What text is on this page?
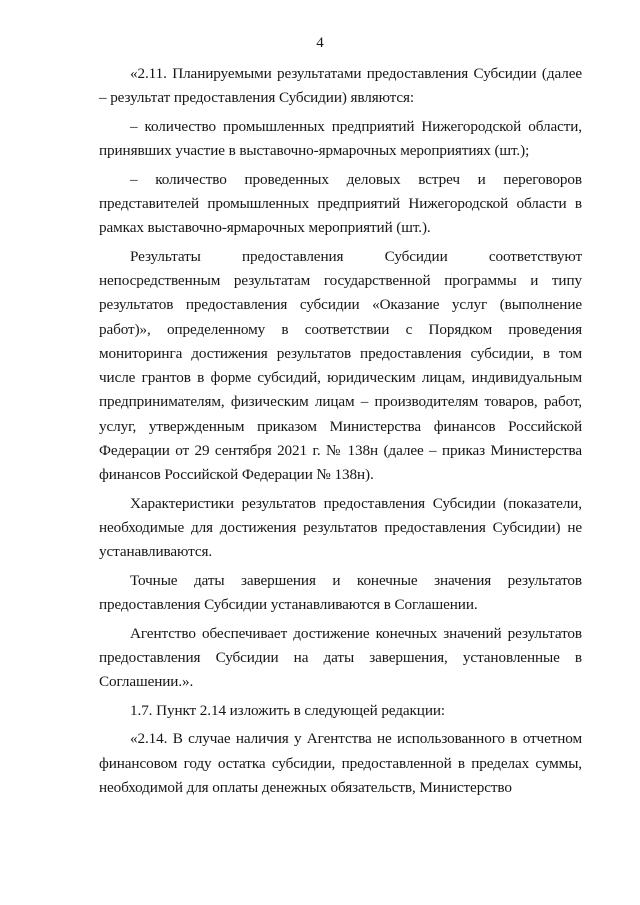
4

«2.11. Планируемыми результатами предоставления Субсидии (далее – результат предоставления Субсидии) являются:

– количество промышленных предприятий Нижегородской области, принявших участие в выставочно-ярмарочных мероприятиях (шт.);

– количество проведенных деловых встреч и переговоров представителей промышленных предприятий Нижегородской области в рамках выставочно-ярмарочных мероприятий (шт.).

Результаты предоставления Субсидии соответствуют непосредственным результатам государственной программы и типу результатов предоставления субсидии «Оказание услуг (выполнение работ)», определенному в соответствии с Порядком проведения мониторинга достижения результатов предоставления субсидии, в том числе грантов в форме субсидий, юридическим лицам, индивидуальным предпринимателям, физическим лицам – производителям товаров, работ, услуг, утвержденным приказом Министерства финансов Российской Федерации от 29 сентября 2021 г. № 138н (далее – приказ Министерства финансов Российской Федерации № 138н).

Характеристики результатов предоставления Субсидии (показатели, необходимые для достижения результатов предоставления Субсидии) не устанавливаются.

Точные даты завершения и конечные значения результатов предоставления Субсидии устанавливаются в Соглашении.

Агентство обеспечивает достижение конечных значений результатов предоставления Субсидии на даты завершения, установленные в Соглашении.».

1.7. Пункт 2.14 изложить в следующей редакции:

«2.14. В случае наличия у Агентства не использованного в отчетном финансовом году остатка субсидии, предоставленной в пределах суммы, необходимой для оплаты денежных обязательств, Министерство
